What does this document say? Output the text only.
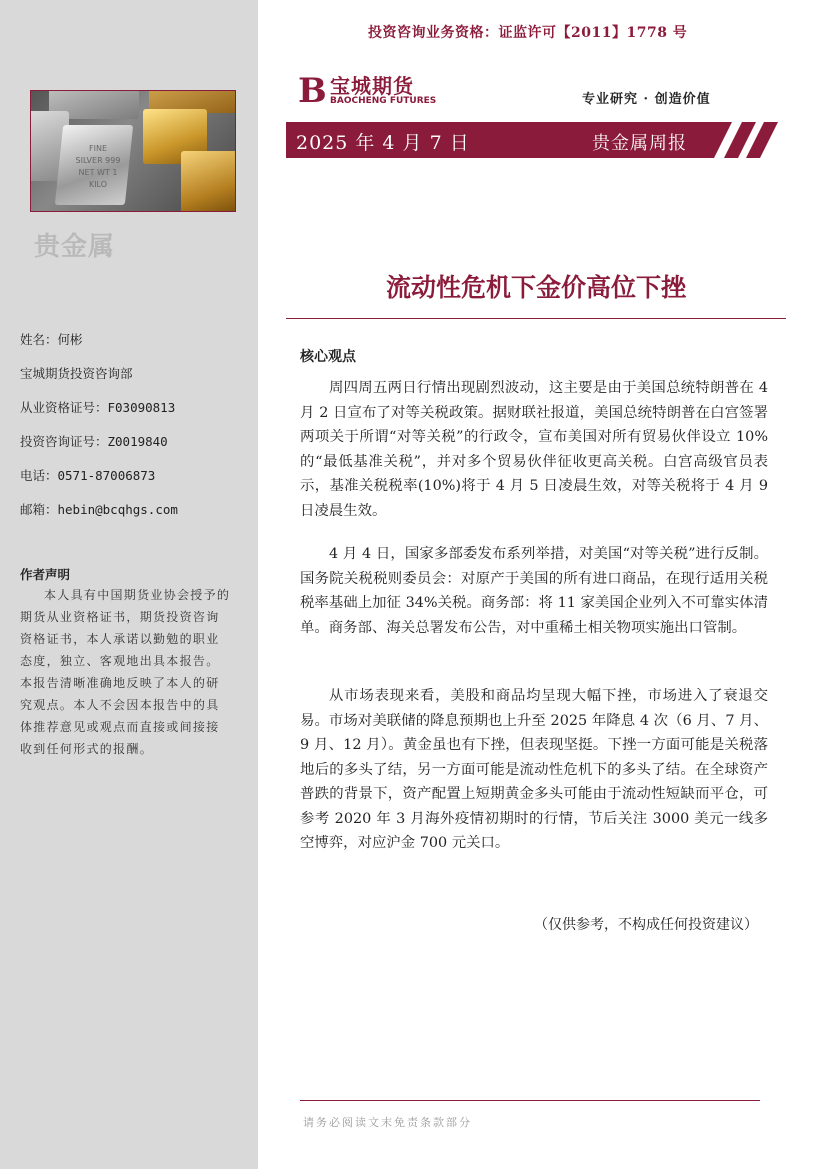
FINE SILVER 999 NET WT 1 KILO
贵金属
姓名：何彬
宝城期货投资咨询部
从业资格证号：F03090813
投资咨询证号：Z0019840
电话：0571-87006873
邮箱：hebin@bcqhgs.com
作者声明
本人具有中国期货业协会授予的期货从业资格证书，期货投资咨询资格证书，本人承诺以勤勉的职业态度，独立、客观地出具本报告。本报告清晰准确地反映了本人的研究观点。本人不会因本报告中的具体推荐意见或观点而直接或间接接收到任何形式的报酬。
投资咨询业务资格：证监许可【2011】1778 号
B 宝城期货
BAOCHENG FUTURES	专业研究 · 创造价值
2025 年 4 月 7 日	贵金属周报
流动性危机下金价高位下挫
核心观点
周四周五两日行情出现剧烈波动，这主要是由于美国总统特朗普在 4 月 2 日宣布了对等关税政策。据财联社报道，美国总统特朗普在白宫签署两项关于所谓“对等关税”的行政令，宣布美国对所有贸易伙伴设立 10%的“最低基准关税”，并对多个贸易伙伴征收更高关税。白宫高级官员表示，基准关税税率(10%)将于 4 月 5 日凌晨生效，对等关税将于 4 月 9 日凌晨生效。
4 月 4 日，国家多部委发布系列举措，对美国“对等关税”进行反制。国务院关税税则委员会：对原产于美国的所有进口商品，在现行适用关税税率基础上加征 34%关税。商务部：将 11 家美国企业列入不可靠实体清单。商务部、海关总署发布公告，对中重稀土相关物项实施出口管制。
从市场表现来看，美股和商品均呈现大幅下挫，市场进入了衰退交易。市场对美联储的降息预期也上升至 2025 年降息 4 次（6 月、7 月、9 月、12 月）。黄金虽也有下挫，但表现坚挺。下挫一方面可能是关税落地后的多头了结，另一方面可能是流动性危机下的多头了结。在全球资产普跌的背景下，资产配置上短期黄金多头可能由于流动性短缺而平仓，可参考 2020 年 3 月海外疫情初期时的行情，节后关注 3000 美元一线多空博弈，对应沪金 700 元关口。
（仅供参考，不构成任何投资建议）
请务必阅读文末免责条款部分
